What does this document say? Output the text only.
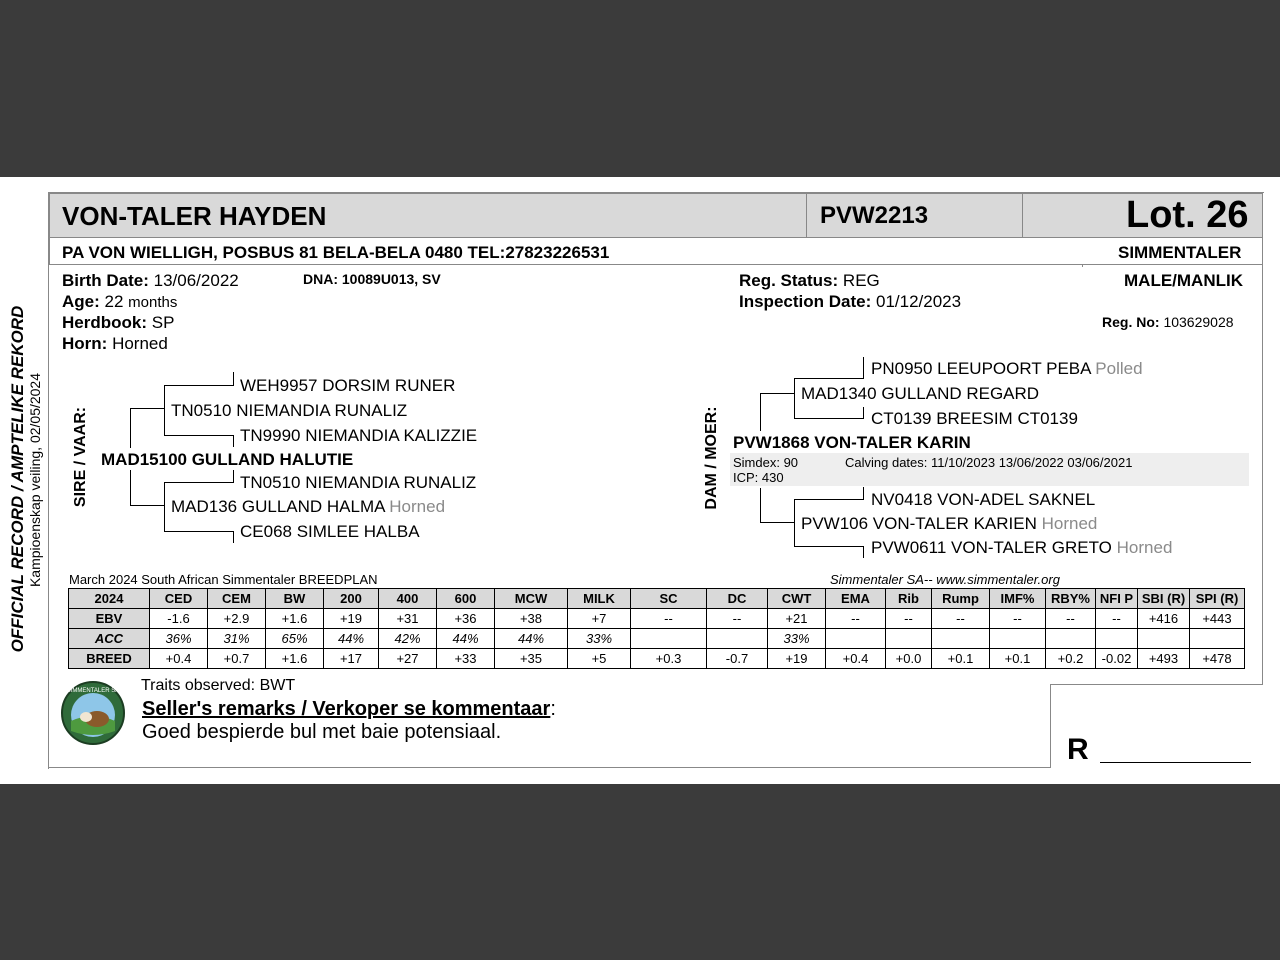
OFFICIAL RECORD / AMPTELIKE REKORD Kampioenskap veiling, 02/05/2024
VON-TALER HAYDEN	PVW2213	Lot. 26
PA VON WIELLIGH, POSBUS 81 BELA-BELA 0480 TEL:27823226531	SIMMENTALER
Birth Date: 13/06/2022	DNA: 10089U013, SV
Age: 22 months
Herdbook: SP
Horn: Horned
Reg. Status: REG
Inspection Date: 01/12/2023
MALE/MANLIK
Reg. No: 103629028
SIRE / VAAR: MAD15100 GULLAND HALUTIE
TN0510 NIEMANDIA RUNALIZ
WEH9957 DORSIM RUNER
TN9990 NIEMANDIA KALIZZIE
MAD136 GULLAND HALMA Horned
TN0510 NIEMANDIA RUNALIZ
CE068 SIMLEE HALBA
DAM / MOER: PVW1868 VON-TALER KARIN
Simdex: 90	Calving dates: 11/10/2023 13/06/2022 03/06/2021
ICP: 430
MAD1340 GULLAND REGARD
PN0950 LEEUPOORT PEBA Polled
CT0139 BREESIM CT0139
PVW106 VON-TALER KARIEN Horned
NV0418 VON-ADEL SAKNEL
PVW0611 VON-TALER GRETO Horned
March 2024 South African Simmentaler BREEDPLAN	Simmentaler SA-- www.simmentaler.org
2024	CED	CEM	BW	200	400	600	MCW	MILK	SC	DC	CWT	EMA	Rib	Rump	IMF%	RBY%	NFI P	SBI (R)	SPI (R)
EBV	-1.6	+2.9	+1.6	+19	+31	+36	+38	+7	--	--	+21	--	--	--	--	--	--	+416	+443
ACC	36%	31%	65%	44%	42%	44%	44%	33%			33%								
BREED	+0.4	+0.7	+1.6	+17	+27	+33	+35	+5	+0.3	-0.7	+19	+0.4	+0.0	+0.1	+0.1	+0.2	-0.02	+493	+478
SIMMENTALER SA Traits observed: BWT
Seller's remarks / Verkoper se kommentaar:
Goed bespierde bul met baie potensiaal.
R
